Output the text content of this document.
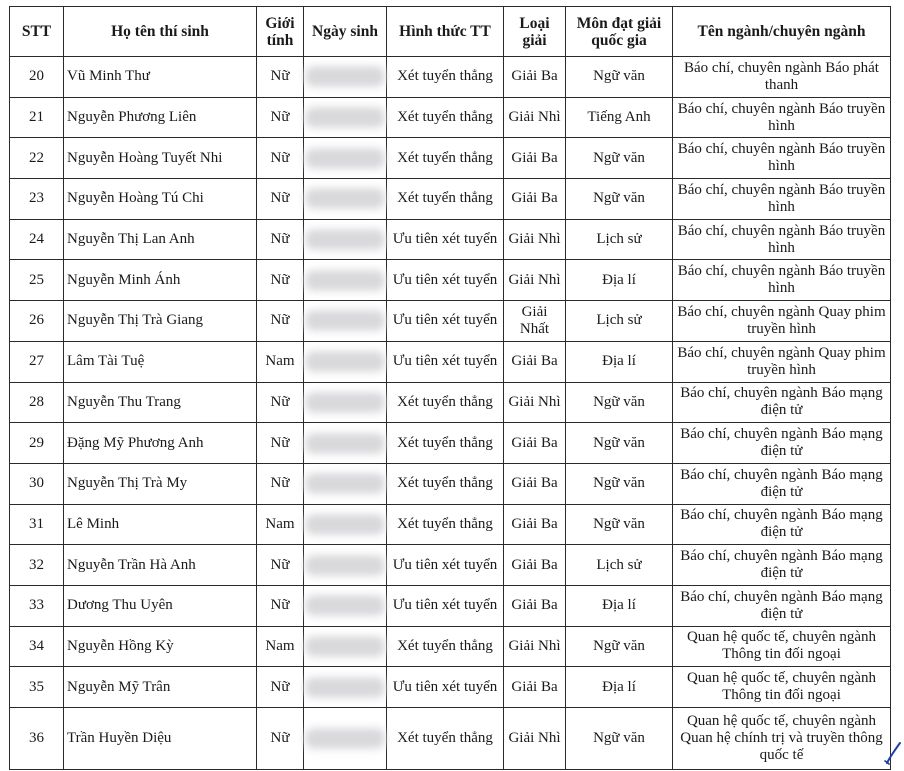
STT	Họ tên thí sinh	Giới tính	Ngày sinh	Hình thức TT	Loại giải	Môn đạt giải quốc gia	Tên ngành/chuyên ngành
20	Vũ Minh Thư	Nữ		Xét tuyển thẳng	Giải Ba	Ngữ văn	Báo chí, chuyên ngành Báo phát thanh
21	Nguyễn Phương Liên	Nữ		Xét tuyển thẳng	Giải Nhì	Tiếng Anh	Báo chí, chuyên ngành Báo truyền hình
22	Nguyễn Hoàng Tuyết Nhi	Nữ		Xét tuyển thẳng	Giải Ba	Ngữ văn	Báo chí, chuyên ngành Báo truyền hình
23	Nguyễn Hoàng Tú Chi	Nữ		Xét tuyển thẳng	Giải Ba	Ngữ văn	Báo chí, chuyên ngành Báo truyền hình
24	Nguyễn Thị Lan Anh	Nữ		Ưu tiên xét tuyển	Giải Nhì	Lịch sử	Báo chí, chuyên ngành Báo truyền hình
25	Nguyễn Minh Ánh	Nữ		Ưu tiên xét tuyển	Giải Nhì	Địa lí	Báo chí, chuyên ngành Báo truyền hình
26	Nguyễn Thị Trà Giang	Nữ		Ưu tiên xét tuyển	Giải Nhất	Lịch sử	Báo chí, chuyên ngành Quay phim truyền hình
27	Lâm Tài Tuệ	Nam		Ưu tiên xét tuyển	Giải Ba	Địa lí	Báo chí, chuyên ngành Quay phim truyền hình
28	Nguyễn Thu Trang	Nữ		Xét tuyển thẳng	Giải Nhì	Ngữ văn	Báo chí, chuyên ngành Báo mạng điện tử
29	Đặng Mỹ Phương Anh	Nữ		Xét tuyển thẳng	Giải Ba	Ngữ văn	Báo chí, chuyên ngành Báo mạng điện tử
30	Nguyễn Thị Trà My	Nữ		Xét tuyển thẳng	Giải Ba	Ngữ văn	Báo chí, chuyên ngành Báo mạng điện tử
31	Lê Minh	Nam		Xét tuyển thẳng	Giải Ba	Ngữ văn	Báo chí, chuyên ngành Báo mạng điện tử
32	Nguyễn Trần Hà Anh	Nữ		Ưu tiên xét tuyển	Giải Ba	Lịch sử	Báo chí, chuyên ngành Báo mạng điện tử
33	Dương Thu Uyên	Nữ		Ưu tiên xét tuyển	Giải Ba	Địa lí	Báo chí, chuyên ngành Báo mạng điện tử
34	Nguyễn Hồng Kỳ	Nam		Xét tuyển thẳng	Giải Nhì	Ngữ văn	Quan hệ quốc tế, chuyên ngành Thông tin đối ngoại
35	Nguyễn Mỹ Trân	Nữ		Ưu tiên xét tuyển	Giải Ba	Địa lí	Quan hệ quốc tế, chuyên ngành Thông tin đối ngoại
36	Trần Huyền Diệu	Nữ		Xét tuyển thẳng	Giải Nhì	Ngữ văn	Quan hệ quốc tế, chuyên ngành Quan hệ chính trị và truyền thông quốc tế
